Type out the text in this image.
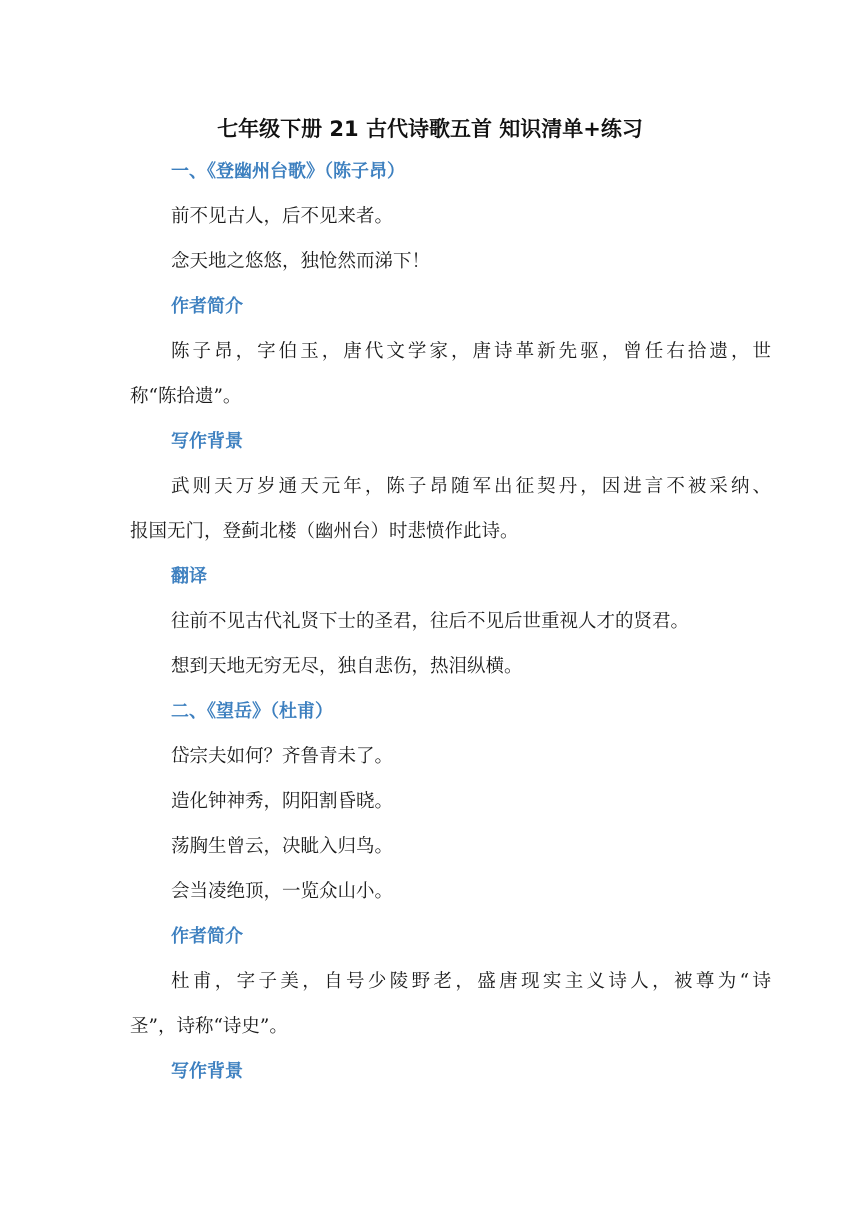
七年级下册 21 古代诗歌五首 知识清单+练习
一、《登幽州台歌》（陈子昂）
前不见古人，后不见来者。
念天地之悠悠，独怆然而涕下！
作者简介
陈子昂，字伯玉，唐代文学家，唐诗革新先驱，曾任右拾遗，世
称“陈拾遗”。
写作背景
武则天万岁通天元年，陈子昂随军出征契丹，因进言不被采纳、
报国无门，登蓟北楼（幽州台）时悲愤作此诗。
翻译
往前不见古代礼贤下士的圣君，往后不见后世重视人才的贤君。
想到天地无穷无尽，独自悲伤，热泪纵横。
二、《望岳》（杜甫）
岱宗夫如何？齐鲁青未了。
造化钟神秀，阴阳割昏晓。
荡胸生曾云，决眦入归鸟。
会当凌绝顶，一览众山小。
作者简介
杜甫，字子美，自号少陵野老，盛唐现实主义诗人，被尊为“诗
圣”，诗称“诗史”。
写作背景
